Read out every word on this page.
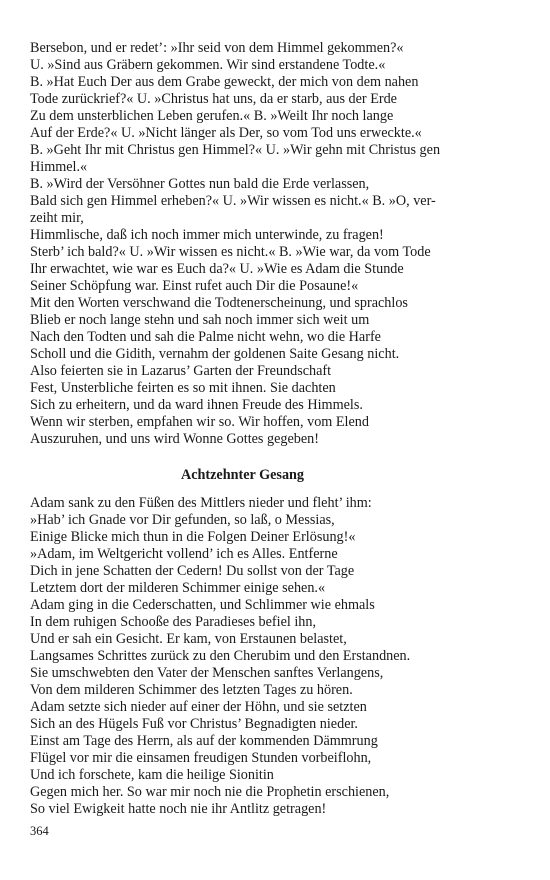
Bersebon, und er redet’: »Ihr seid von dem Himmel gekommen?«
U. »Sind aus Gräbern gekommen. Wir sind erstandene Todte.«
B. »Hat Euch Der aus dem Grabe geweckt, der mich von dem nahen
Tode zurückrief?« U. »Christus hat uns, da er starb, aus der Erde
Zu dem unsterblichen Leben gerufen.« B. »Weilt Ihr noch lange
Auf der Erde?« U. »Nicht länger als Der, so vom Tod uns erweckte.«
B. »Geht Ihr mit Christus gen Himmel?« U. »Wir gehn mit Christus gen
Himmel.«
B. »Wird der Versöhner Gottes nun bald die Erde verlassen,
Bald sich gen Himmel erheben?« U. »Wir wissen es nicht.« B. »O, ver-
zeiht mir,
Himmlische, daß ich noch immer mich unterwinde, zu fragen!
Sterb’ ich bald?« U. »Wir wissen es nicht.« B. »Wie war, da vom Tode
Ihr erwachtet, wie war es Euch da?« U. »Wie es Adam die Stunde
Seiner Schöpfung war. Einst rufet auch Dir die Posaune!«
Mit den Worten verschwand die Todtenerscheinung, und sprachlos
Blieb er noch lange stehn und sah noch immer sich weit um
Nach den Todten und sah die Palme nicht wehn, wo die Harfe
Scholl und die Gidith, vernahm der goldenen Saite Gesang nicht.
Also feierten sie in Lazarus’ Garten der Freundschaft
Fest, Unsterbliche feirten es so mit ihnen. Sie dachten
Sich zu erheitern, und da ward ihnen Freude des Himmels.
Wenn wir sterben, empfahen wir so. Wir hoffen, vom Elend
Auszuruhen, und uns wird Wonne Gottes gegeben!
Achtzehnter Gesang
Adam sank zu den Füßen des Mittlers nieder und fleht’ ihm:
»Hab’ ich Gnade vor Dir gefunden, so laß, o Messias,
Einige Blicke mich thun in die Folgen Deiner Erlösung!«
»Adam, im Weltgericht vollend’ ich es Alles. Entferne
Dich in jene Schatten der Cedern! Du sollst von der Tage
Letztem dort der milderen Schimmer einige sehen.«
Adam ging in die Cederschatten, und Schlimmer wie ehmals
In dem ruhigen Schooße des Paradieses befiel ihn,
Und er sah ein Gesicht. Er kam, von Erstaunen belastet,
Langsames Schrittes zurück zu den Cherubim und den Erstandnen.
Sie umschwebten den Vater der Menschen sanftes Verlangens,
Von dem milderen Schimmer des letzten Tages zu hören.
Adam setzte sich nieder auf einer der Höhn, und sie setzten
Sich an des Hügels Fuß vor Christus’ Begnadigten nieder.
Einst am Tage des Herrn, als auf der kommenden Dämmrung
Flügel vor mir die einsamen freudigen Stunden vorbeiflohn,
Und ich forschete, kam die heilige Sionitin
Gegen mich her. So war mir noch nie die Prophetin erschienen,
So viel Ewigkeit hatte noch nie ihr Antlitz getragen!
364
